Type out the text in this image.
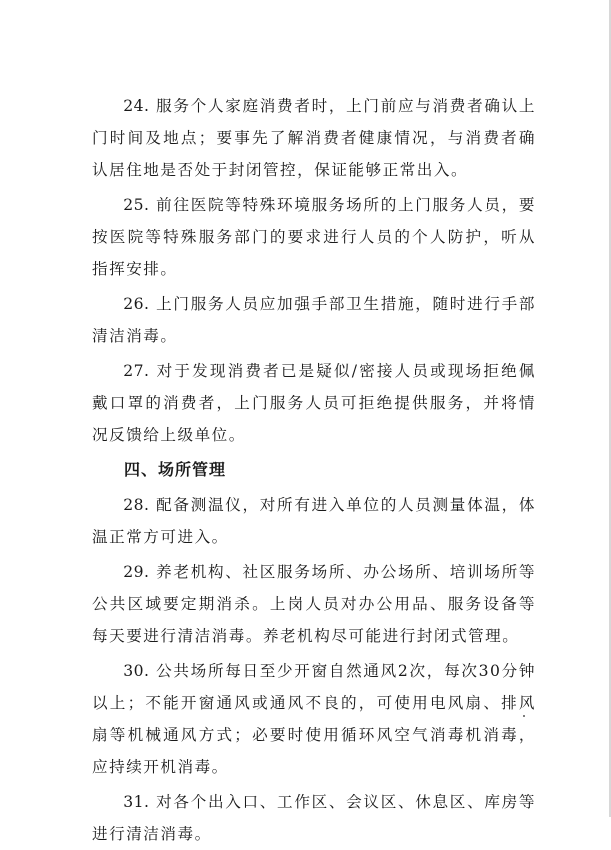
24. 服务个人家庭消费者时，上门前应与消费者确认上门时间及地点；要事先了解消费者健康情况，与消费者确认居住地是否处于封闭管控，保证能够正常出入。

25. 前往医院等特殊环境服务场所的上门服务人员，要按医院等特殊服务部门的要求进行人员的个人防护，听从指挥安排。

26. 上门服务人员应加强手部卫生措施，随时进行手部清洁消毒。

27. 对于发现消费者已是疑似/密接人员或现场拒绝佩戴口罩的消费者，上门服务人员可拒绝提供服务，并将情况反馈给上级单位。

四、场所管理

28. 配备测温仪，对所有进入单位的人员测量体温，体温正常方可进入。

29. 养老机构、社区服务场所、办公场所、培训场所等公共区域要定期消杀。上岗人员对办公用品、服务设备等每天要进行清洁消毒。养老机构尽可能进行封闭式管理。

30. 公共场所每日至少开窗自然通风2次，每次30分钟以上；不能开窗通风或通风不良的，可使用电风扇、排风扇等机械通风方式；必要时使用循环风空气消毒机消毒，应持续开机消毒。

31. 对各个出入口、工作区、会议区、休息区、库房等进行清洁消毒。
